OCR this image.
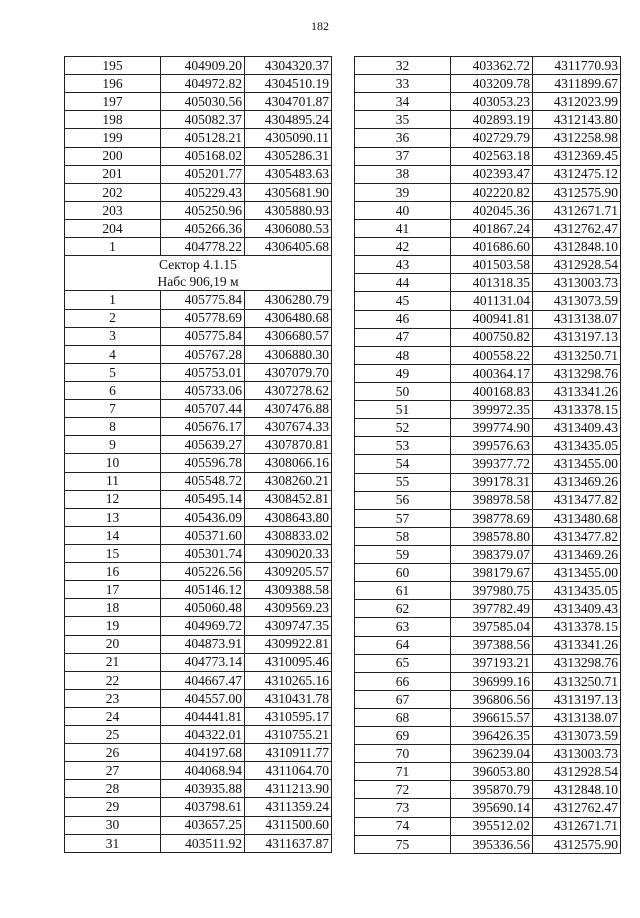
182
195	404909.20	4304320.37
196	404972.82	4304510.19
197	405030.56	4304701.87
198	405082.37	4304895.24
199	405128.21	4305090.11
200	405168.02	4305286.31
201	405201.77	4305483.63
202	405229.43	4305681.90
203	405250.96	4305880.93
204	405266.36	4306080.53
1	404778.22	4306405.68
Сектор 4.1.15		
Набс 906,19 м		
1	405775.84	4306280.79
2	405778.69	4306480.68
3	405775.84	4306680.57
4	405767.28	4306880.30
5	405753.01	4307079.70
6	405733.06	4307278.62
7	405707.44	4307476.88
8	405676.17	4307674.33
9	405639.27	4307870.81
10	405596.78	4308066.16
11	405548.72	4308260.21
12	405495.14	4308452.81
13	405436.09	4308643.80
14	405371.60	4308833.02
15	405301.74	4309020.33
16	405226.56	4309205.57
17	405146.12	4309388.58
18	405060.48	4309569.23
19	404969.72	4309747.35
20	404873.91	4309922.81
21	404773.14	4310095.46
22	404667.47	4310265.16
23	404557.00	4310431.78
24	404441.81	4310595.17
25	404322.01	4310755.21
26	404197.68	4310911.77
27	404068.94	4311064.70
28	403935.88	4311213.90
29	403798.61	4311359.24
30	403657.25	4311500.60
31	403511.92	4311637.87
32	403362.72	4311770.93
33	403209.78	4311899.67
34	403053.23	4312023.99
35	402893.19	4312143.80
36	402729.79	4312258.98
37	402563.18	4312369.45
38	402393.47	4312475.12
39	402220.82	4312575.90
40	402045.36	4312671.71
41	401867.24	4312762.47
42	401686.60	4312848.10
43	401503.58	4312928.54
44	401318.35	4313003.73
45	401131.04	4313073.59
46	400941.81	4313138.07
47	400750.82	4313197.13
48	400558.22	4313250.71
49	400364.17	4313298.76
50	400168.83	4313341.26
51	399972.35	4313378.15
52	399774.90	4313409.43
53	399576.63	4313435.05
54	399377.72	4313455.00
55	399178.31	4313469.26
56	398978.58	4313477.82
57	398778.69	4313480.68
58	398578.80	4313477.82
59	398379.07	4313469.26
60	398179.67	4313455.00
61	397980.75	4313435.05
62	397782.49	4313409.43
63	397585.04	4313378.15
64	397388.56	4313341.26
65	397193.21	4313298.76
66	396999.16	4313250.71
67	396806.56	4313197.13
68	396615.57	4313138.07
69	396426.35	4313073.59
70	396239.04	4313003.73
71	396053.80	4312928.54
72	395870.79	4312848.10
73	395690.14	4312762.47
74	395512.02	4312671.71
75	395336.56	4312575.90
